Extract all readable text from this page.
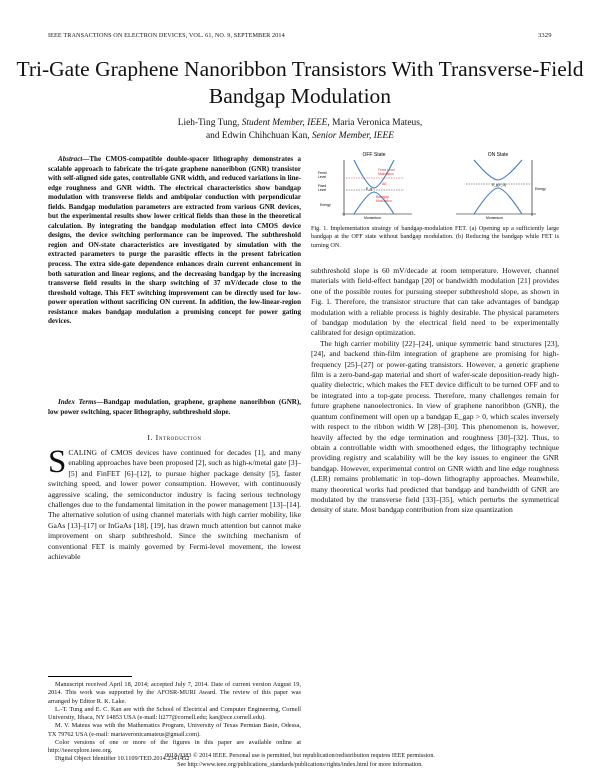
IEEE TRANSACTIONS ON ELECTRON DEVICES, VOL. 61, NO. 9, SEPTEMBER 2014	3329
Tri-Gate Graphene Nanoribbon Transistors With Transverse-Field Bandgap Modulation
Lieh-Ting Tung, Student Member, IEEE, Maria Veronica Mateus,
and Edwin Chihchuan Kan, Senior Member, IEEE
Abstract—The CMOS-compatible double-spacer lithography demonstrates a scalable approach to fabricate the tri-gate graphene nanoribbon (GNR) transistor with self-aligned side gates, controllable GNR width, and reduced variations in line-edge roughness and GNR width. The electrical characteristics show bandgap modulation with transverse fields and ambipolar conduction with perpendicular fields. Bandgap modulation parameters are extracted from various GNR devices, but the experimental results show lower critical fields than those in the theoretical calculation. By integrating the bandgap modulation effect into CMOS device designs, the device switching performance can be improved. The subthreshold region and ON-state characteristics are investigated by simulation with the extracted parameters to purge the parasitic effects in the present fabrication process. The extra side-gate dependence enhances drain current enhancement in both saturation and linear regions, and the decreasing bandgap by the increasing transverse field results in the sharp switching of 37 mV/decade close to the threshold voltage. This FET switching improvement can be directly used for low-power operation without sacrificing ON current. In addition, the low-linear-region resistance makes bandgap modulation a promising concept for power gating devices.
Index Terms—Bandgap modulation, graphene, graphene nanoribbon (GNR), low power switching, spacer lithography, subthreshold slope.
I. Introduction
SCALING of CMOS devices have continued for decades [1], and many enabling approaches have been proposed [2], such as high-κ/metal gate [3]–[5] and FinFET [6]–[12], to pursue higher package density [5], faster switching speed, and lower power consumption. However, with continuously aggressive scaling, the semiconductor industry is facing serious technology challenges due to the fundamental limitation in the power management [13]–[14]. The alternative solution of using channel materials with high carrier mobility, like GaAs [13]–[17] or InGaAs [18], [19], has drawn much attention but cannot make improvement on sharp subthreshold. Since the switching mechanism of conventional FET is mainly governed by Fermi-level movement, the lowest achievable

Manuscript received April 18, 2014; accepted July 7, 2014. Date of current version August 19, 2014. This work was supported by the AFOSR-MURI Award. The review of this paper was arranged by Editor R. K. Lake.

L.-T. Tung and E. C. Kan are with the School of Electrical and Computer Engineering, Cornell University, Ithaca, NY 14853 USA (e-mail: lt277@cornell.edu; kan@ece.cornell.edu).

M. V. Mateus was with the Mathematics Program, University of Texas Permian Basin, Odessa, TX 79762 USA (e-mail: mariaveronicamateus@gmail.com).

Color versions of one or more of the figures in this paper are available online at http://ieeexplore.ieee.org.

Digital Object Identifier 10.1109/TED.2014.2341452

OFF State
Fermi Level
Fixed Level
Energy
Momentum
Fermi Level Modulation
ΔE
E_g
Bandgap Modulation
ON State
E_g(V_G)
Energy
Momentum
Fig. 1. Implementation strategy of bandgap-modulation FET. (a) Opening up a sufficiently large bandgap at the OFF state without bandgap modulation. (b) Reducing the bandgap while FET is turning ON.

subthreshold slope is 60 mV/decade at room temperature. However, channel materials with field-effect bandgap [20] or bandwidth modulation [21] provides one of the possible routes for pursuing steeper subthreshold slope, as shown in Fig. 1. Therefore, the transistor structure that can take advantages of bandgap modulation with a reliable process is highly desirable. The physical parameters of bandgap modulation by the electrical field need to be experimentally calibrated for design optimization.

The high carrier mobility [22]–[24], unique symmetric band structures [23], [24], and backend thin-film integration of graphene are promising for high-frequency [25]–[27] or power-gating transistors. However, a generic graphene film is a zero-band-gap material and short of wafer-scale deposition-ready high-quality dielectric, which makes the FET device difficult to be turned OFF and to be integrated into a top-gate process. Therefore, many challenges remain for future graphene nanoelectronics. In view of graphene nanoribbon (GNR), the quantum confinement will open up a bandgap E_gap > 0, which scales inversely with respect to the ribbon width W [28]–[30]. This phenomenon is, however, heavily affected by the edge termination and roughness [30]–[32]. Thus, to obtain a controllable width with smoothened edges, the lithography technique providing registry and scalability will be the key issues to engineer the GNR bandgap. However, experimental control on GNR width and line edge roughness (LER) remains problematic in top–down lithography approaches. Meanwhile, many theoretical works had predicted that bandgap and bandwidth of GNR are modulated by the transverse field [33]–[35], which perturbs the symmetrical density of state. Most bandgap contribution from size quantization

0018-9383 © 2014 IEEE. Personal use is permitted, but republication/redistribution requires IEEE permission.
See http://www.ieee.org/publications_standards/publications/rights/index.html for more information.
